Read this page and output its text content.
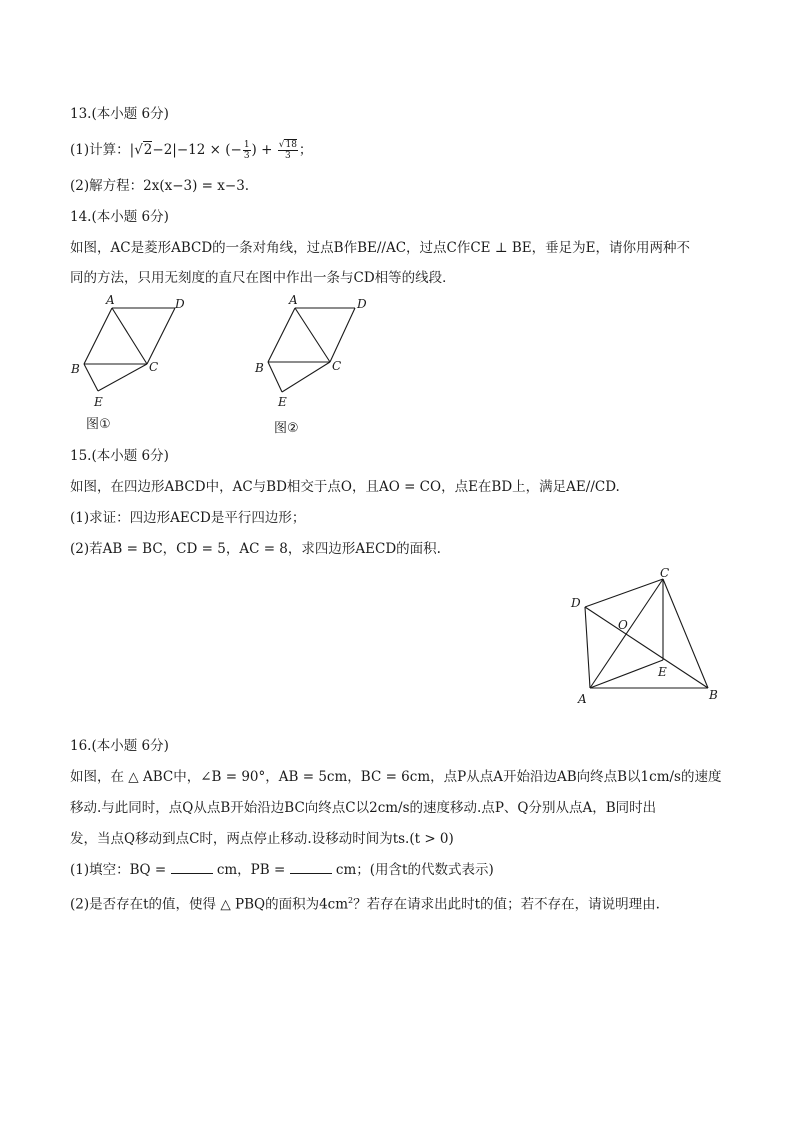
13.(本小题 6分)
(1)计算：|√2−2|−12 × (− $\frac{1}{3}$ ) + $\frac{√18}{3}$ ；
(2)解方程：2x(x−3) = x−3.
14.(本小题 6分)
如图，AC是菱形ABCD的一条对角线，过点B作BE//AC，过点C作CE ⊥ BE，垂足为E，请你用两种不
同的方法，只用无刻度的直尺在图中作出一条与CD相等的线段．
A	D
B	C
E
图①
A	D
B	C
E
图②
15.(本小题 6分)
如图，在四边形ABCD中，AC与BD相交于点O，且AO = CO，点E在BD上，满足AE//CD.
(1)求证：四边形AECD是平行四边形；
(2)若AB = BC，CD = 5，AC = 8，求四边形AECD的面积.
C
D
O
E
A	B
16.(本小题 6分)
如图，在 △ ABC中，∠B = 90°，AB = 5cm，BC = 6cm，点P从点A开始沿边AB向终点B以1cm/s的速度
移动.与此同时，点Q从点B开始沿边BC向终点C以2cm/s的速度移动.点P、Q分别从点A，B同时出
发，当点Q移动到点C时，两点停止移动.设移动时间为ts.(t > 0)
(1)填空：BQ =	cm，PB =	cm；(用含t的代数式表示)
(2)是否存在t的值，使得 △ PBQ的面积为$4cm^2$？若存在请求出此时t的值；若不存在，请说明理由.
